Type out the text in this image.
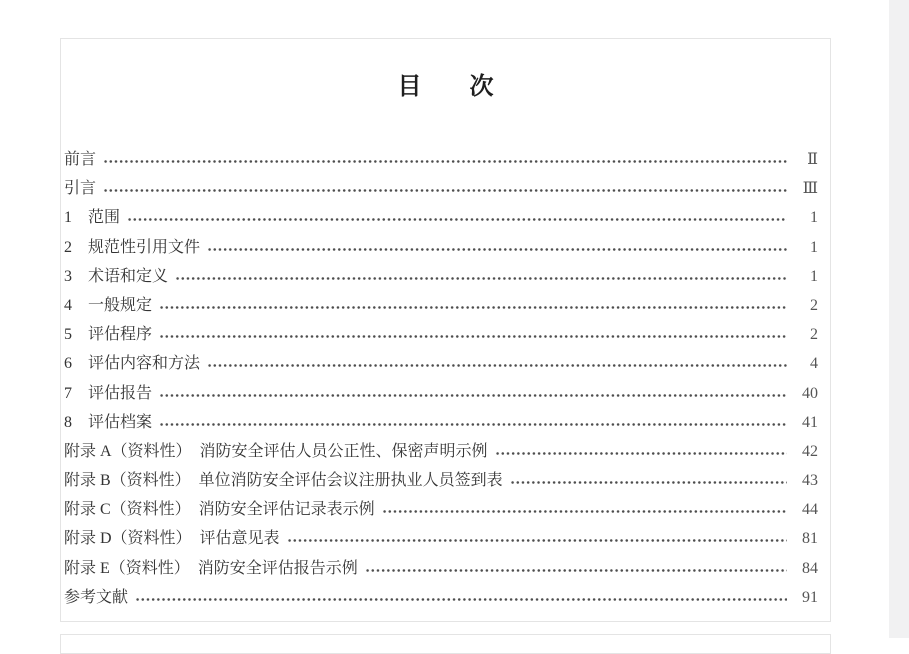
目　　次
前言	Ⅱ
引言	Ⅲ
1　范围	1
2　规范性引用文件	1
3　术语和定义	1
4　一般规定	2
5　评估程序	2
6　评估内容和方法	4
7　评估报告	40
8　评估档案	41
附录 A（资料性）　消防安全评估人员公正性、保密声明示例	42
附录 B（资料性）　单位消防安全评估会议注册执业人员签到表	43
附录 C（资料性）　消防安全评估记录表示例	44
附录 D（资料性）　评估意见表	81
附录 E（资料性）　消防安全评估报告示例	84
参考文献	91
